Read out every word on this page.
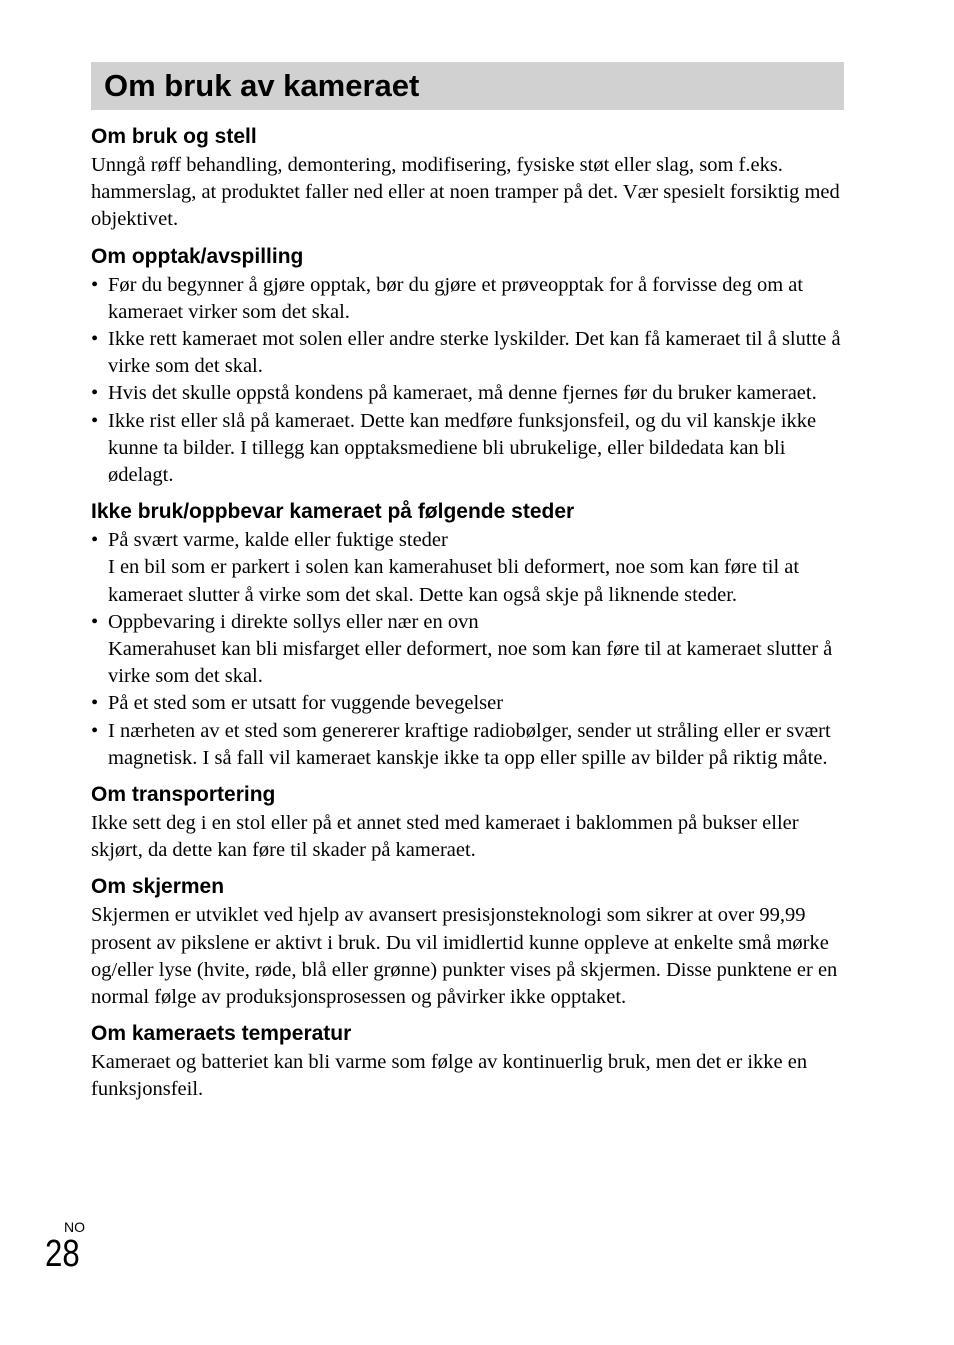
Om bruk av kameraet
Om bruk og stell

Unngå røff behandling, demontering, modifisering, fysiske støt eller slag, som f.eks. hammerslag, at produktet faller ned eller at noen tramper på det. Vær spesielt forsiktig med objektivet.

Om opptak/avspilling
• Før du begynner å gjøre opptak, bør du gjøre et prøveopptak for å forvisse deg om at kameraet virker som det skal.
• Ikke rett kameraet mot solen eller andre sterke lyskilder. Det kan få kameraet til å slutte å virke som det skal.
• Hvis det skulle oppstå kondens på kameraet, må denne fjernes før du bruker kameraet.
• Ikke rist eller slå på kameraet. Dette kan medføre funksjonsfeil, og du vil kanskje ikke kunne ta bilder. I tillegg kan opptaksmediene bli ubrukelige, eller bildedata kan bli ødelagt.
Ikke bruk/oppbevar kameraet på følgende steder
• På svært varme, kalde eller fuktige steder
I en bil som er parkert i solen kan kamerahuset bli deformert, noe som kan føre til at kameraet slutter å virke som det skal. Dette kan også skje på liknende steder.
• Oppbevaring i direkte sollys eller nær en ovn
Kamerahuset kan bli misfarget eller deformert, noe som kan føre til at kameraet slutter å virke som det skal.
• På et sted som er utsatt for vuggende bevegelser
• I nærheten av et sted som genererer kraftige radiobølger, sender ut stråling eller er svært magnetisk. I så fall vil kameraet kanskje ikke ta opp eller spille av bilder på riktig måte.
Om transportering

Ikke sett deg i en stol eller på et annet sted med kameraet i baklommen på bukser eller skjørt, da dette kan føre til skader på kameraet.

Om skjermen

Skjermen er utviklet ved hjelp av avansert presisjonsteknologi som sikrer at over 99,99 prosent av pikslene er aktivt i bruk. Du vil imidlertid kunne oppleve at enkelte små mørke og/eller lyse (hvite, røde, blå eller grønne) punkter vises på skjermen. Disse punktene er en normal følge av produksjonsprosessen og påvirker ikke opptaket.

Om kameraets temperatur

Kameraet og batteriet kan bli varme som følge av kontinuerlig bruk, men det er ikke en funksjonsfeil.

NO
28
